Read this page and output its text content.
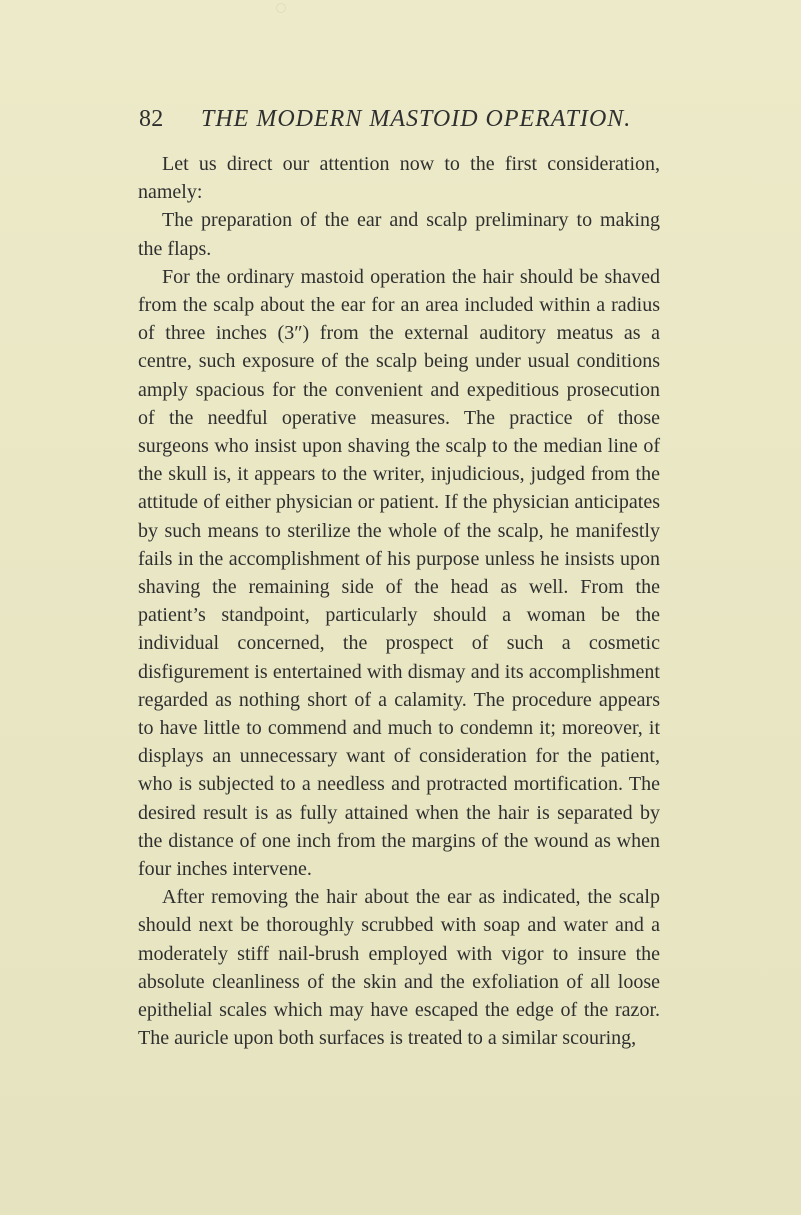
82 THE MODERN MASTOID OPERATION.

Let us direct our attention now to the first consideration, namely:

The preparation of the ear and scalp preliminary to making the flaps.

For the ordinary mastoid operation the hair should be shaved from the scalp about the ear for an area included within a radius of three inches (3″) from the external auditory meatus as a centre, such exposure of the scalp being under usual conditions amply spacious for the convenient and expeditious prosecution of the needful operative measures. The practice of those surgeons who insist upon shaving the scalp to the median line of the skull is, it appears to the writer, injudicious, judged from the attitude of either physician or patient. If the physician anticipates by such means to sterilize the whole of the scalp, he manifestly fails in the accomplishment of his purpose unless he insists upon shaving the remaining side of the head as well. From the patient’s standpoint, particularly should a woman be the individual concerned, the prospect of such a cosmetic disfigurement is entertained with dismay and its accomplishment regarded as nothing short of a calamity. The procedure appears to have little to commend and much to condemn it; moreover, it displays an unnecessary want of consideration for the patient, who is subjected to a needless and protracted mortification. The desired result is as fully attained when the hair is separated by the distance of one inch from the margins of the wound as when four inches intervene.

After removing the hair about the ear as indicated, the scalp should next be thoroughly scrubbed with soap and water and a moderately stiff nail-brush employed with vigor to insure the absolute cleanliness of the skin and the exfoliation of all loose epithelial scales which may have escaped the edge of the razor. The auricle upon both surfaces is treated to a similar scouring,
